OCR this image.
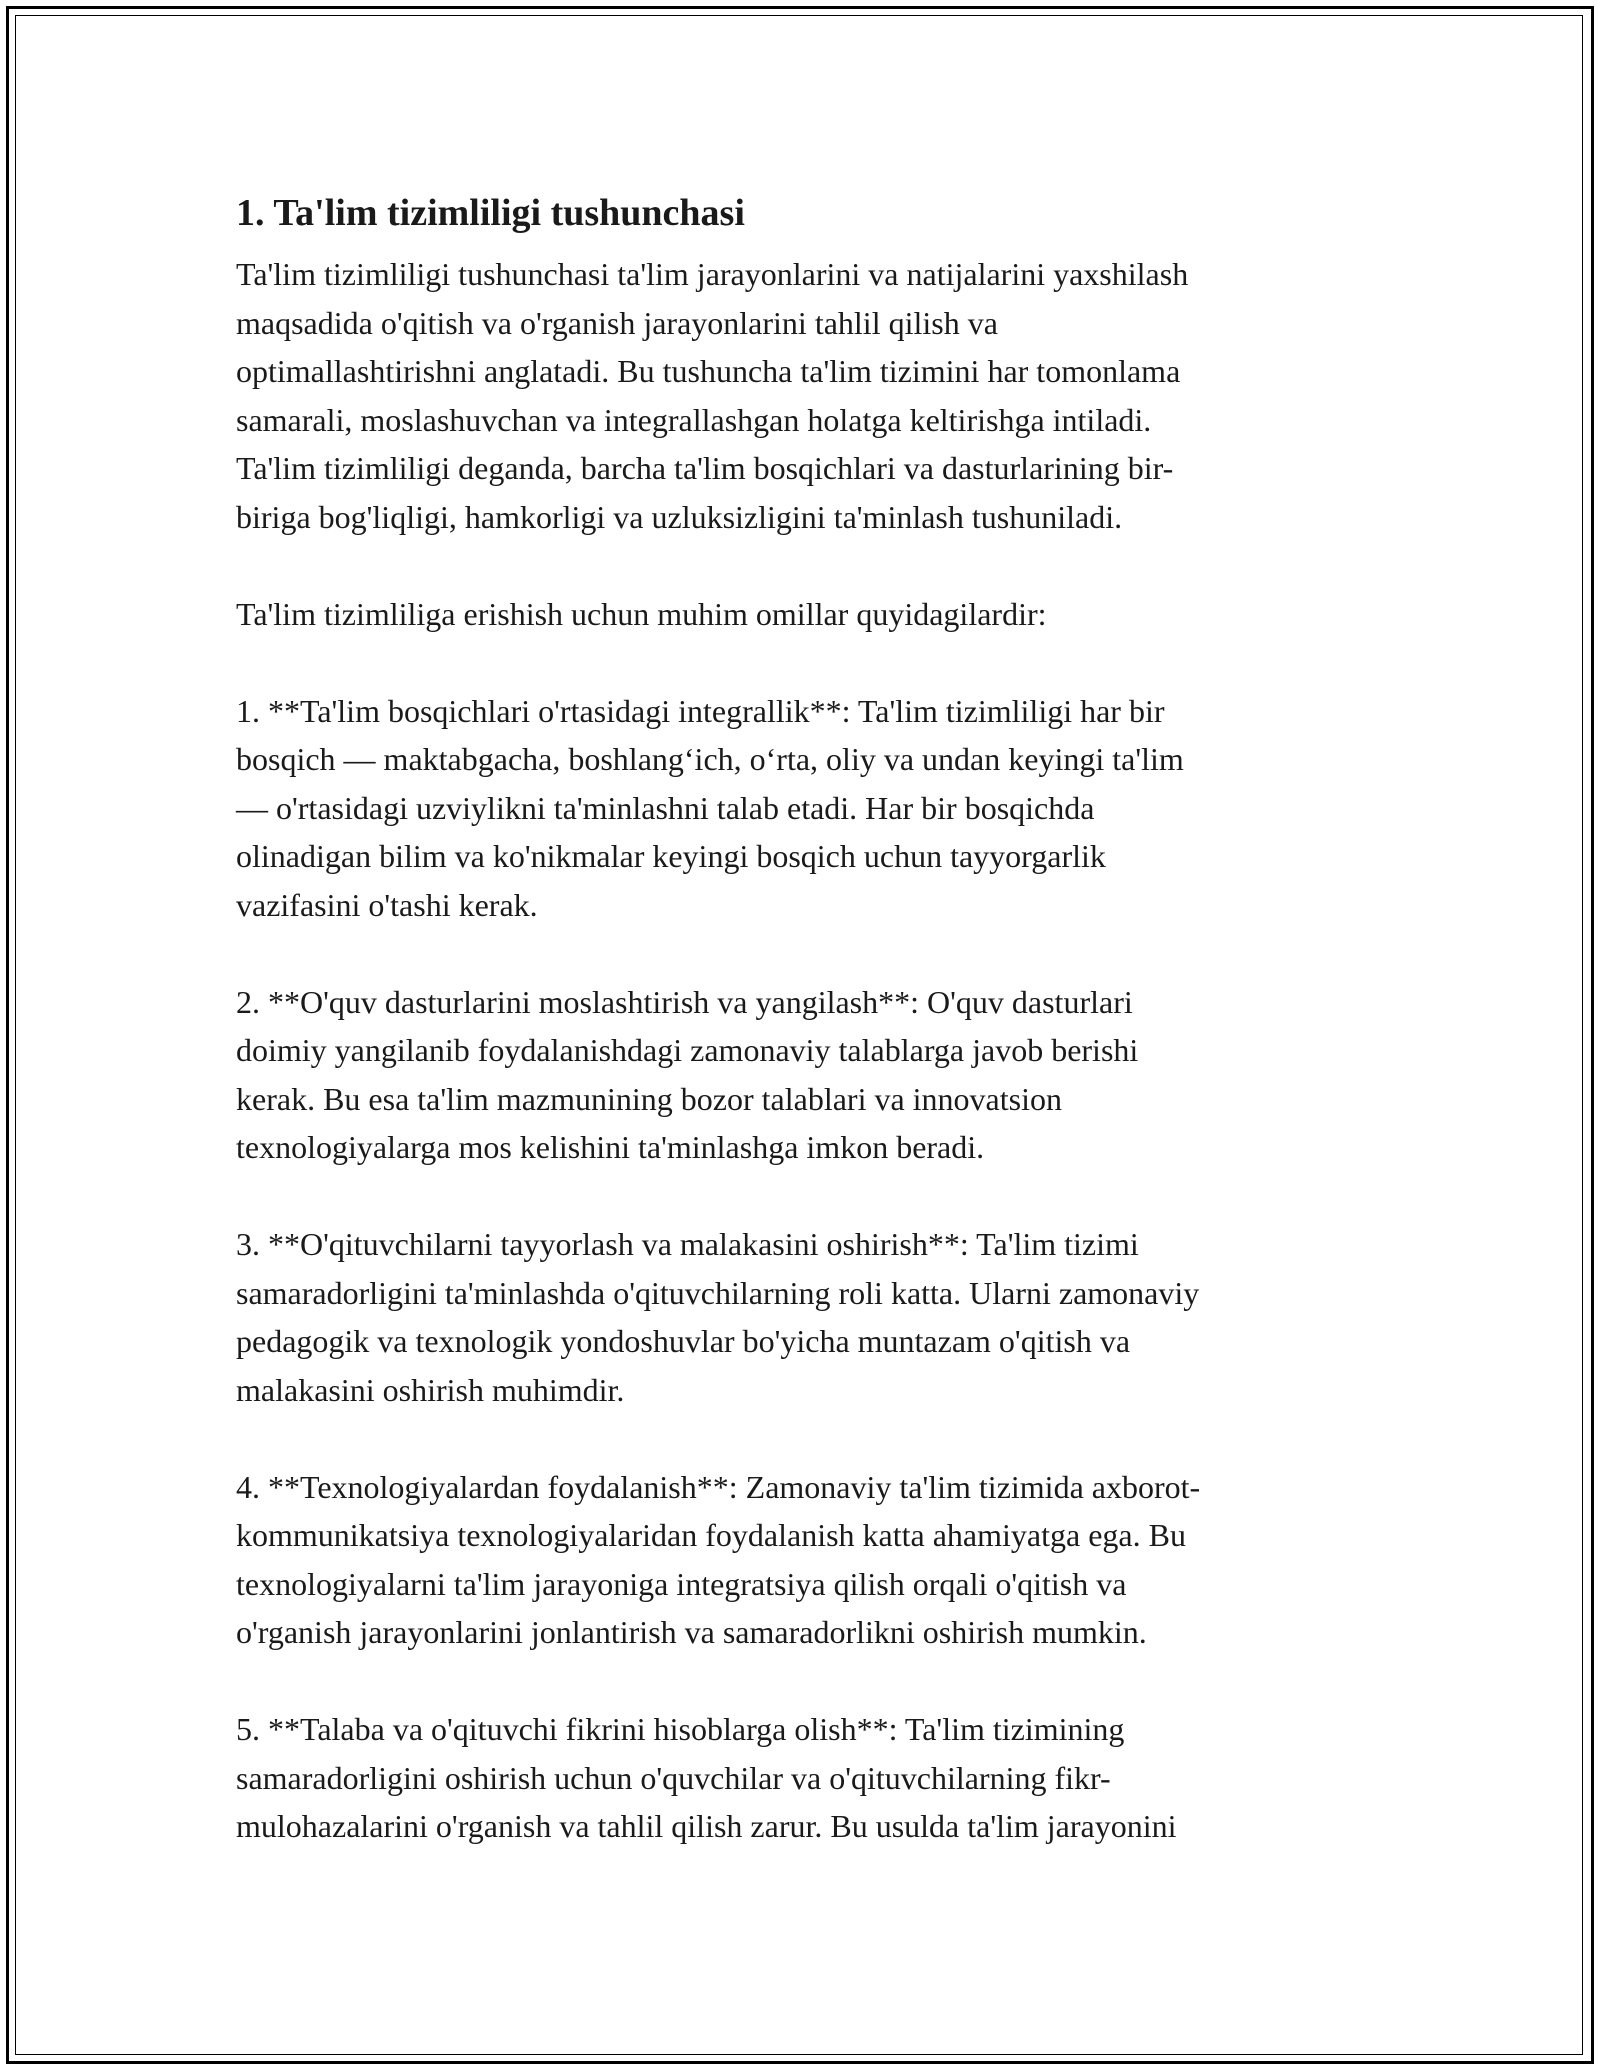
1. Ta'lim tizimliligi tushunchasi

Ta'lim tizimliligi tushunchasi ta'lim jarayonlarini va natijalarini yaxshilash
maqsadida o'qitish va o'rganish jarayonlarini tahlil qilish va
optimallashtirishni anglatadi. Bu tushuncha ta'lim tizimini har tomonlama
samarali, moslashuvchan va integrallashgan holatga keltirishga intiladi.
Ta'lim tizimliligi deganda, barcha ta'lim bosqichlari va dasturlarining bir-
biriga bog'liqligi, hamkorligi va uzluksizligini ta'minlash tushuniladi.

Ta'lim tizimliliga erishish uchun muhim omillar quyidagilardir:

1. **Ta'lim bosqichlari o'rtasidagi integrallik**: Ta'lim tizimliligi har bir
bosqich — maktabgacha, boshlang‘ich, o‘rta, oliy va undan keyingi ta'lim
— o'rtasidagi uzviylikni ta'minlashni talab etadi. Har bir bosqichda
olinadigan bilim va ko'nikmalar keyingi bosqich uchun tayyorgarlik
vazifasini o'tashi kerak.

2. **O'quv dasturlarini moslashtirish va yangilash**: O'quv dasturlari
doimiy yangilanib foydalanishdagi zamonaviy talablarga javob berishi
kerak. Bu esa ta'lim mazmunining bozor talablari va innovatsion
texnologiyalarga mos kelishini ta'minlashga imkon beradi.

3. **O'qituvchilarni tayyorlash va malakasini oshirish**: Ta'lim tizimi
samaradorligini ta'minlashda o'qituvchilarning roli katta. Ularni zamonaviy
pedagogik va texnologik yondoshuvlar bo'yicha muntazam o'qitish va
malakasini oshirish muhimdir.

4. **Texnologiyalardan foydalanish**: Zamonaviy ta'lim tizimida axborot-
kommunikatsiya texnologiyalaridan foydalanish katta ahamiyatga ega. Bu
texnologiyalarni ta'lim jarayoniga integratsiya qilish orqali o'qitish va
o'rganish jarayonlarini jonlantirish va samaradorlikni oshirish mumkin.

5. **Talaba va o'qituvchi fikrini hisoblarga olish**: Ta'lim tizimining
samaradorligini oshirish uchun o'quvchilar va o'qituvchilarning fikr-
mulohazalarini o'rganish va tahlil qilish zarur. Bu usulda ta'lim jarayonini
